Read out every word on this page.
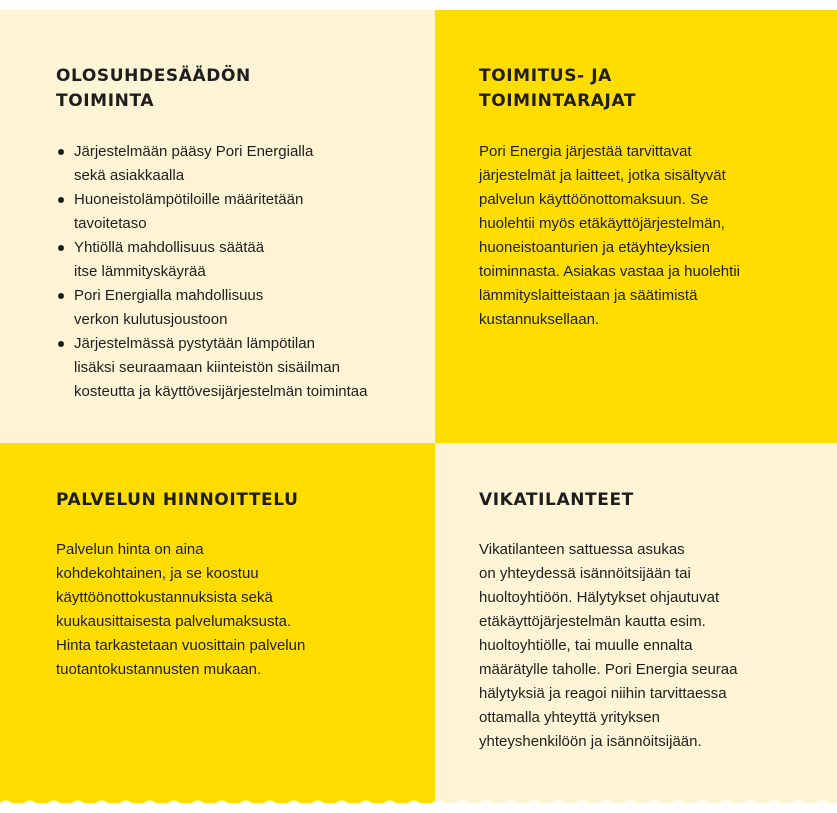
OLOSUHDESÄÄDÖN
TOIMINTA
Järjestelmään pääsy Pori Energialla
sekä asiakkaalla
Huoneistolämpötiloille määritetään
tavoitetaso
Yhtiöllä mahdollisuus säätää
itse lämmityskäyrää
Pori Energialla mahdollisuus
verkon kulutusjoustoon
Järjestelmässä pystytään lämpötilan
lisäksi seuraamaan kiinteistön sisäilman
kosteutta ja käyttövesijärjestelmän toimintaa
TOIMITUS- JA
TOIMINTARAJAT

Pori Energia järjestää tarvittavat
järjestelmät ja laitteet, jotka sisältyvät
palvelun käyttöönottomaksuun. Se
huolehtii myös etäkäyttöjärjestelmän,
huoneistoanturien ja etäyhteyksien
toiminnasta. Asiakas vastaa ja huolehtii
lämmityslaitteistaan ja säätimistä
kustannuksellaan.

PALVELUN HINNOITTELU

Palvelun hinta on aina
kohdekohtainen, ja se koostuu
käyttöönottokustannuksista sekä
kuukausittaisesta palvelumaksusta.
Hinta tarkastetaan vuosittain palvelun
tuotantokustannusten mukaan.

VIKATILANTEET

Vikatilanteen sattuessa asukas
on yhteydessä isännöitsijään tai
huoltoyhtiöön. Hälytykset ohjautuvat
etäkäyttöjärjestelmän kautta esim.
huoltoyhtiölle, tai muulle ennalta
määrätylle taholle. Pori Energia seuraa
hälytyksiä ja reagoi niihin tarvittaessa
ottamalla yhteyttä yrityksen
yhteyshenkilöön ja isännöitsijään.
